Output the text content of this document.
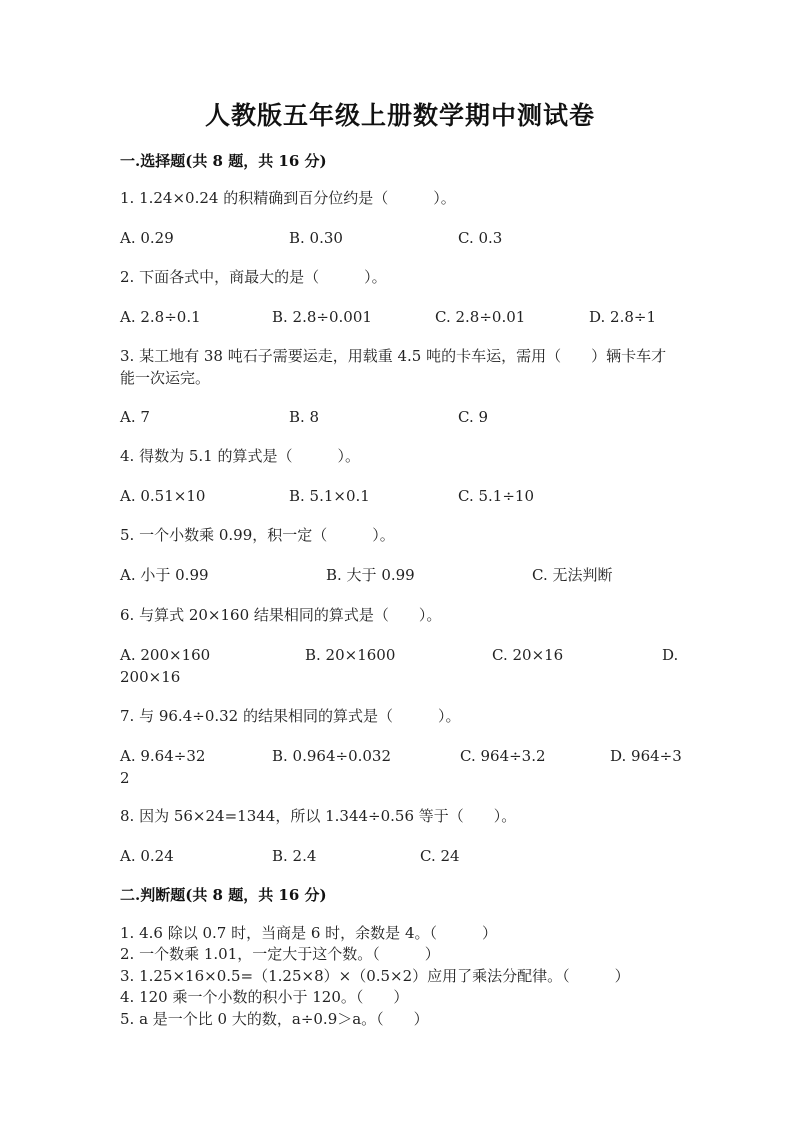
人教版五年级上册数学期中测试卷
一.选择题(共 8 题，共 16 分)
1. 1.24×0.24 的积精确到百分位约是（　　　）。
A. 0.29	B. 0.30	C. 0.3
2. 下面各式中，商最大的是（　　　）。
A. 2.8÷0.1	B. 2.8÷0.001	C. 2.8÷0.01	D. 2.8÷1
3. 某工地有 38 吨石子需要运走，用载重 4.5 吨的卡车运，需用（　　）辆卡车才能一次运完。
A. 7	B. 8	C. 9
4. 得数为 5.1 的算式是（　　　）。
A. 0.51×10	B. 5.1×0.1	C. 5.1÷10
5. 一个小数乘 0.99，积一定（　　　）。
A. 小于 0.99	B. 大于 0.99	C. 无法判断
6. 与算式 20×160 结果相同的算式是（　　）。
A. 200×160	B. 20×1600	C. 20×16	D.
200×16
7. 与 96.4÷0.32 的结果相同的算式是（　　　）。
A. 9.64÷32	B. 0.964÷0.032	C. 964÷3.2	D. 964÷3
2
8. 因为 56×24=1344，所以 1.344÷0.56 等于（　　）。
A. 0.24	B. 2.4	C. 24
二.判断题(共 8 题，共 16 分)
1. 4.6 除以 0.7 时，当商是 6 时，余数是 4。（　　　）
2. 一个数乘 1.01，一定大于这个数。（　　　）
3. 1.25×16×0.5=（1.25×8）×（0.5×2）应用了乘法分配律。（　　　）
4. 120 乘一个小数的积小于 120。（　　）
5. a 是一个比 0 大的数，a÷0.9＞a。（　　）
